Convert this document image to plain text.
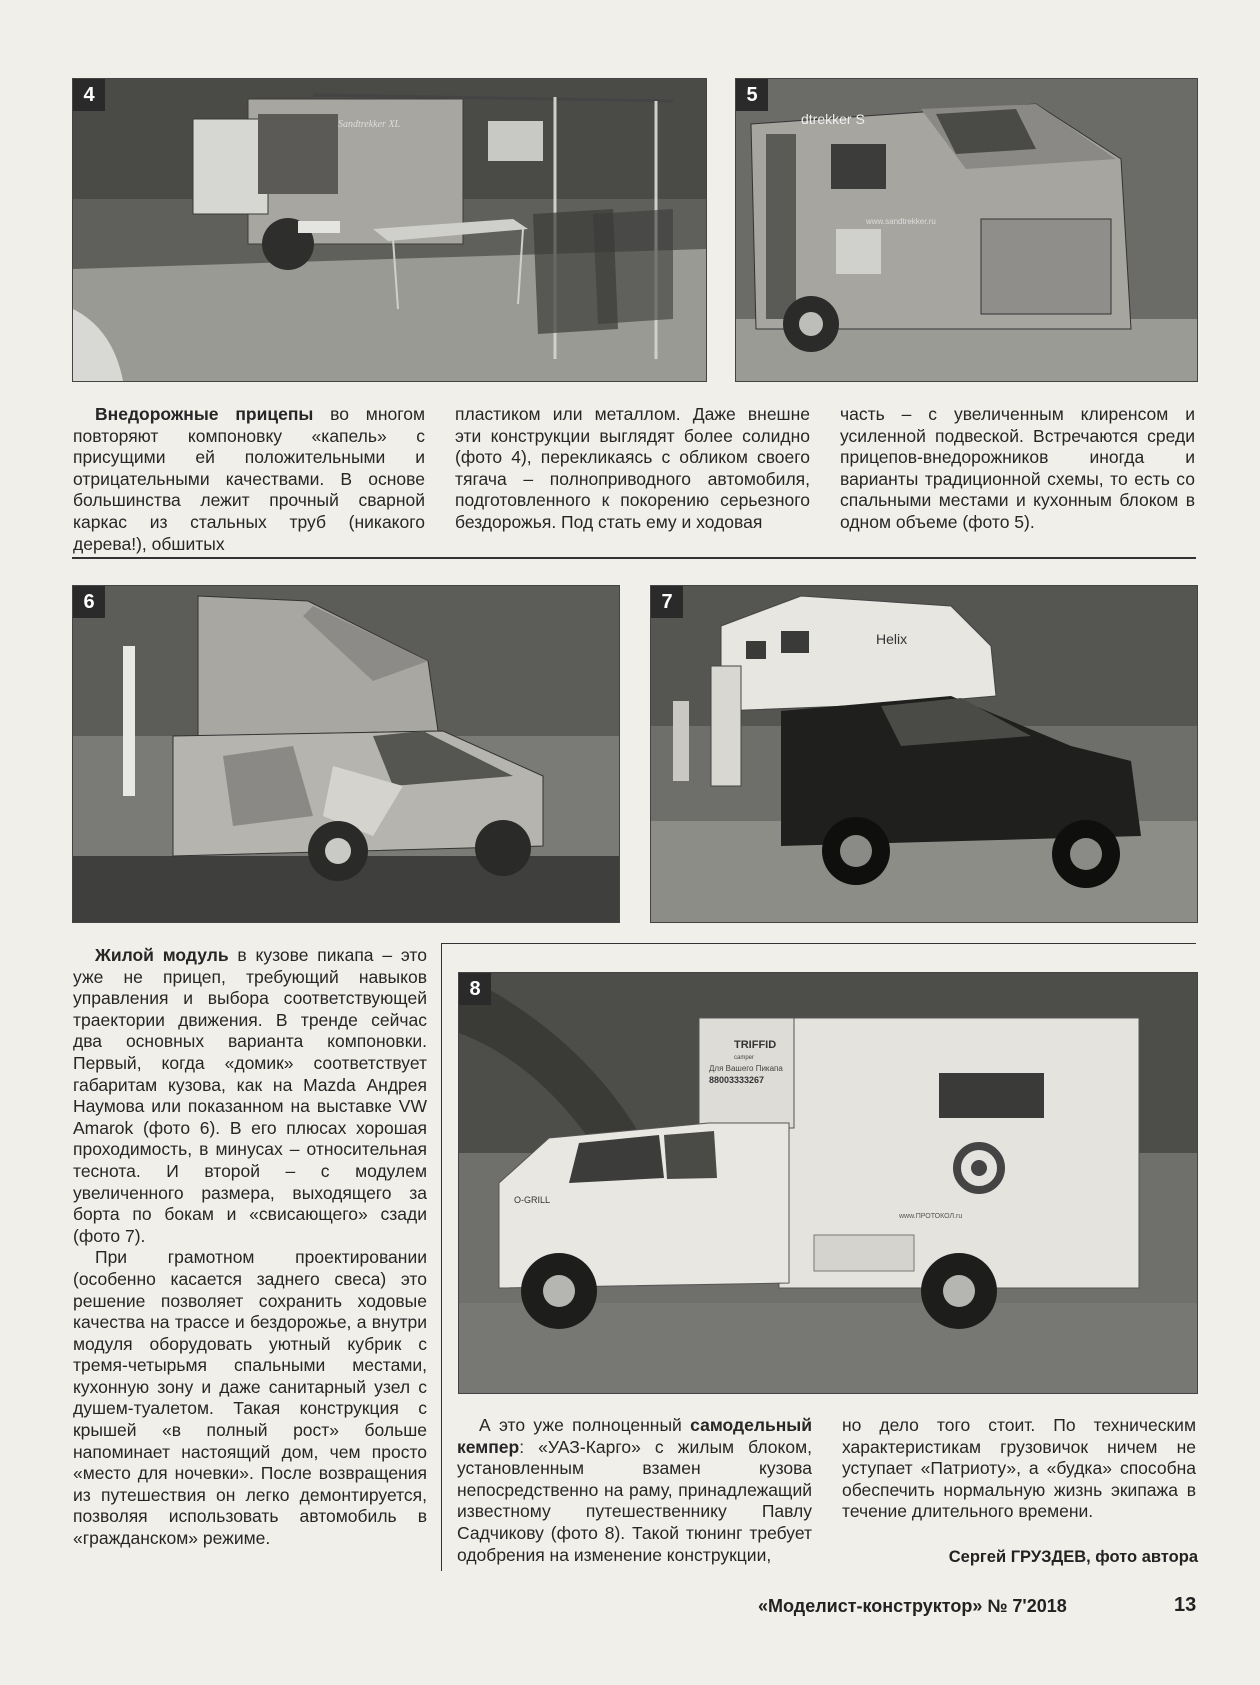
Sandtrekker XL
4
dtrekker S
www.sandtrekker.ru
5

Внедорожные прицепы во многом повторяют компоновку «капель» с присущими ей положительными и отрицательными качествами. В основе большинства лежит прочный сварной каркас из стальных труб (никакого дерева!), обшитых

пластиком или металлом. Даже внешне эти конструкции выглядят более солидно (фото 4), перекликаясь с обликом своего тягача – полноприводного автомобиля, подготовленного к покорению серьезного бездорожья. Под стать ему и ходовая

часть – с увеличенным клиренсом и усиленной подвеской. Встречаются среди прицепов-внедорожников иногда и варианты традиционной схемы, то есть со спальными местами и кухонным блоком в одном объеме (фото 5).

6
Helix
7

Жилой модуль в кузове пикапа – это уже не прицеп, требующий навыков управления и выбора соответствующей траектории движения. В тренде сейчас два основных варианта компоновки. Первый, когда «домик» соответствует габаритам кузова, как на Mazda Андрея Наумова или показанном на выставке VW Amarok (фото 6). В его плюсах хорошая проходимость, в минусах – относительная теснота. И второй – с модулем увеличенного размера, выходящего за борта по бокам и «свисающего» сзади (фото 7).

При грамотном проектировании (особенно касается заднего свеса) это решение позволяет сохранить ходовые качества на трассе и бездорожье, а внутри модуля оборудовать уютный кубрик с тремя-четырьмя спальными местами, кухонную зону и даже санитарный узел с душем-туалетом. Такая конструкция с крышей «в полный рост» больше напоминает настоящий дом, чем просто «место для ночевки». После возвращения из путешествия он легко демонтируется, позволяя использовать автомобиль в «гражданском» режиме.

TRIFFID
camper
Для Вашего Пикапа
88003333267
www.ПРОТОКОЛ.ru
O-GRILL
8

А это уже полноценный самодельный кемпер: «УАЗ-Карго» с жилым блоком, установленным взамен кузова непосредственно на раму, принадлежащий известному путешественнику Павлу Садчикову (фото 8). Такой тюнинг требует одобрения на изменение конструкции,

но дело того стоит. По техническим характеристикам грузовичок ничем не уступает «Патриоту», а «будка» способна обеспечить нормальную жизнь экипажа в течение длительного времени.

Сергей ГРУЗДЕВ, фото автора
«Моделист-конструктор» № 7'2018	13
